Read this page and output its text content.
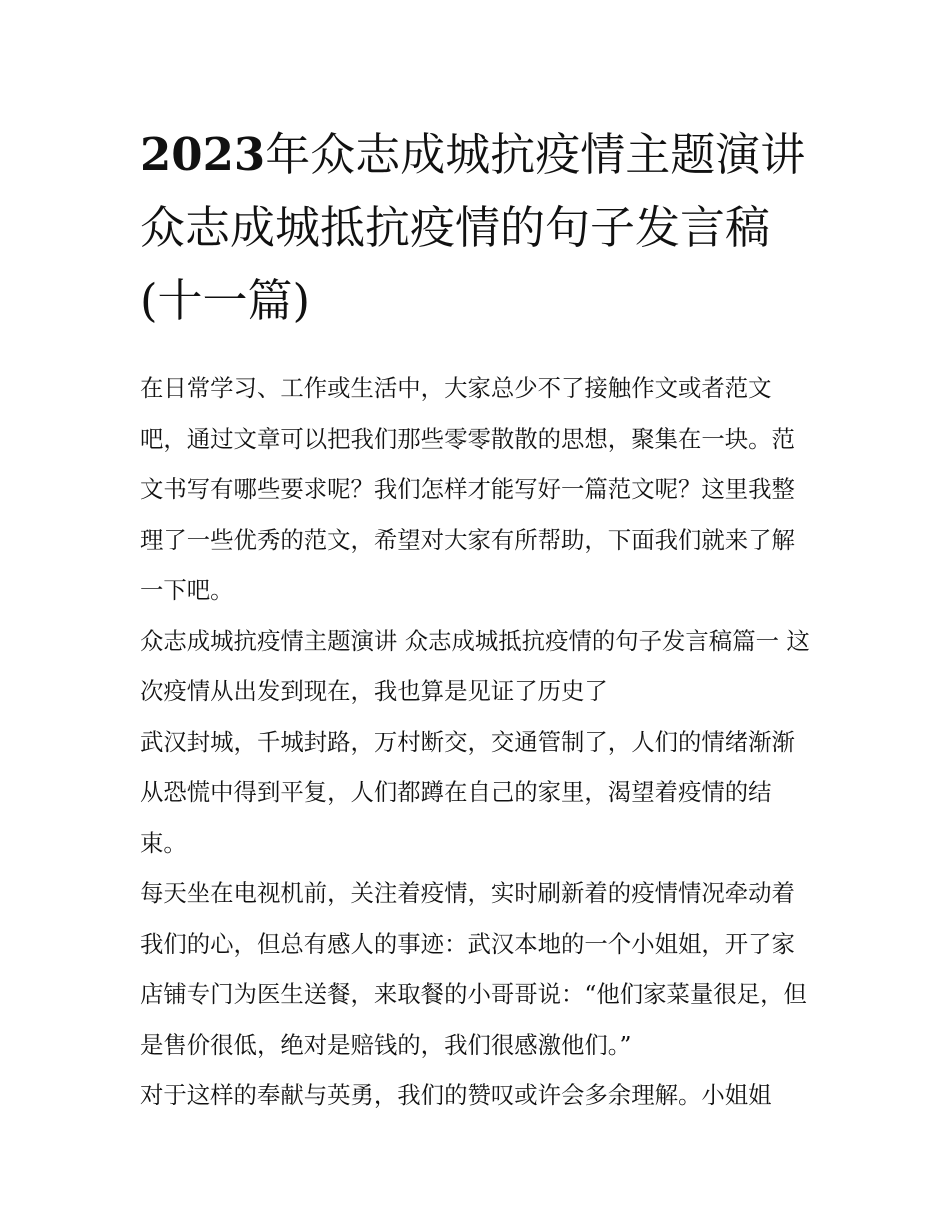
2023年众志成城抗疫情主题演讲 众志成城抵抗疫情的句子发言稿(十一篇)

在日常学习、工作或生活中，大家总少不了接触作文或者范文吧，通过文章可以把我们那些零零散散的思想，聚集在一块。范文书写有哪些要求呢？我们怎样才能写好一篇范文呢？这里我整理了一些优秀的范文，希望对大家有所帮助，下面我们就来了解一下吧。

众志成城抗疫情主题演讲 众志成城抵抗疫情的句子发言稿篇一 这次疫情从出发到现在，我也算是见证了历史了

武汉封城，千城封路，万村断交，交通管制了，人们的情绪渐渐从恐慌中得到平复，人们都蹲在自己的家里，渴望着疫情的结束。

每天坐在电视机前，关注着疫情，实时刷新着的疫情情况牵动着我们的心，但总有感人的事迹：武汉本地的一个小姐姐，开了家店铺专门为医生送餐，来取餐的小哥哥说：“他们家菜量很足，但是售价很低，绝对是赔钱的，我们很感激他们。”

对于这样的奉献与英勇，我们的赞叹或许会多余理解。小姐姐
